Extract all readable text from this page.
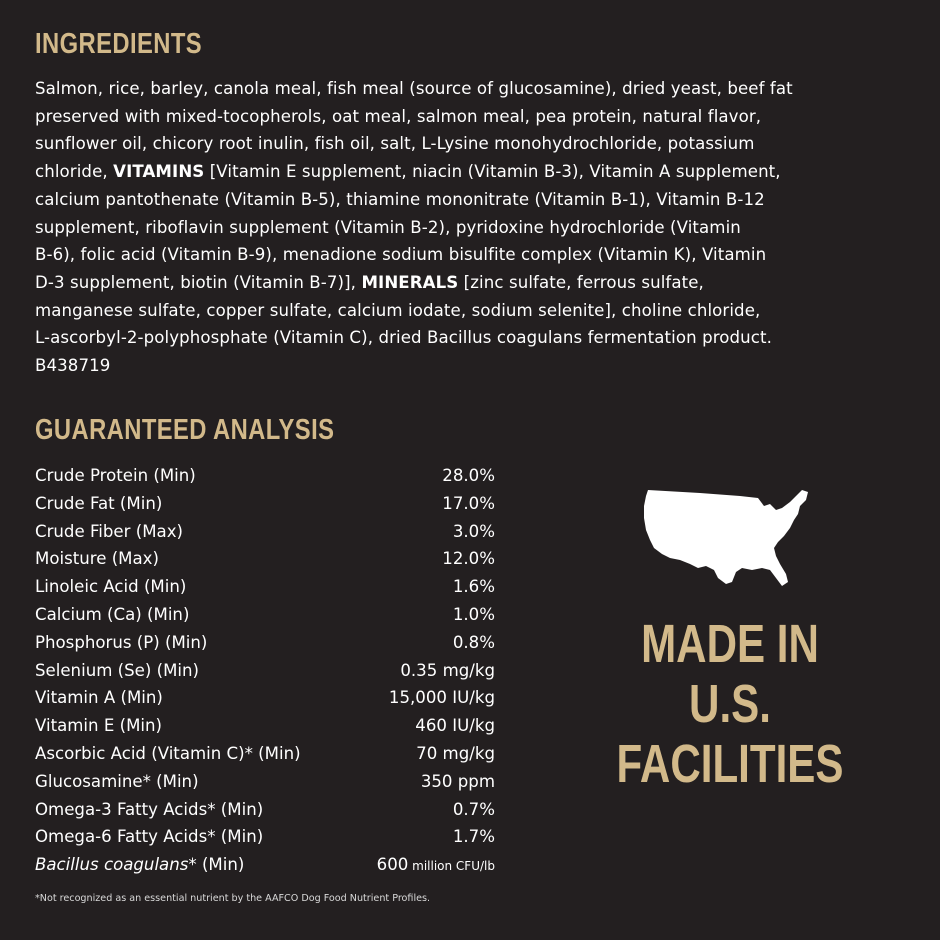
INGREDIENTS
Salmon, rice, barley, canola meal, fish meal (source of glucosamine), dried yeast, beef fat
preserved with mixed-tocopherols, oat meal, salmon meal, pea protein, natural flavor,
sunflower oil, chicory root inulin, fish oil, salt, L-Lysine monohydrochloride, potassium
chloride, VITAMINS [Vitamin E supplement, niacin (Vitamin B-3), Vitamin A supplement,
calcium pantothenate (Vitamin B-5), thiamine mononitrate (Vitamin B-1), Vitamin B-12
supplement, riboflavin supplement (Vitamin B-2), pyridoxine hydrochloride (Vitamin
B-6), folic acid (Vitamin B-9), menadione sodium bisulfite complex (Vitamin K), Vitamin
D-3 supplement, biotin (Vitamin B-7)], MINERALS [zinc sulfate, ferrous sulfate,
manganese sulfate, copper sulfate, calcium iodate, sodium selenite], choline chloride,
L-ascorbyl-2-polyphosphate (Vitamin C), dried Bacillus coagulans fermentation product.
B438719
GUARANTEED ANALYSIS
Crude Protein (Min)	28.0%
Crude Fat (Min)	17.0%
Crude Fiber (Max)	3.0%
Moisture (Max)	12.0%
Linoleic Acid (Min)	1.6%
Calcium (Ca) (Min)	1.0%
Phosphorus (P) (Min)	0.8%
Selenium (Se) (Min)	0.35 mg/kg
Vitamin A (Min)	15,000 IU/kg
Vitamin E (Min)	460 IU/kg
Ascorbic Acid (Vitamin C)* (Min)	70 mg/kg
Glucosamine* (Min)	350 ppm
Omega-3 Fatty Acids* (Min)	0.7%
Omega-6 Fatty Acids* (Min)	1.7%
Bacillus coagulans* (Min)	600 million CFU/lb
*Not recognized as an essential nutrient by the AAFCO Dog Food Nutrient Profiles.
MADE IN
U.S.
FACILITIES
